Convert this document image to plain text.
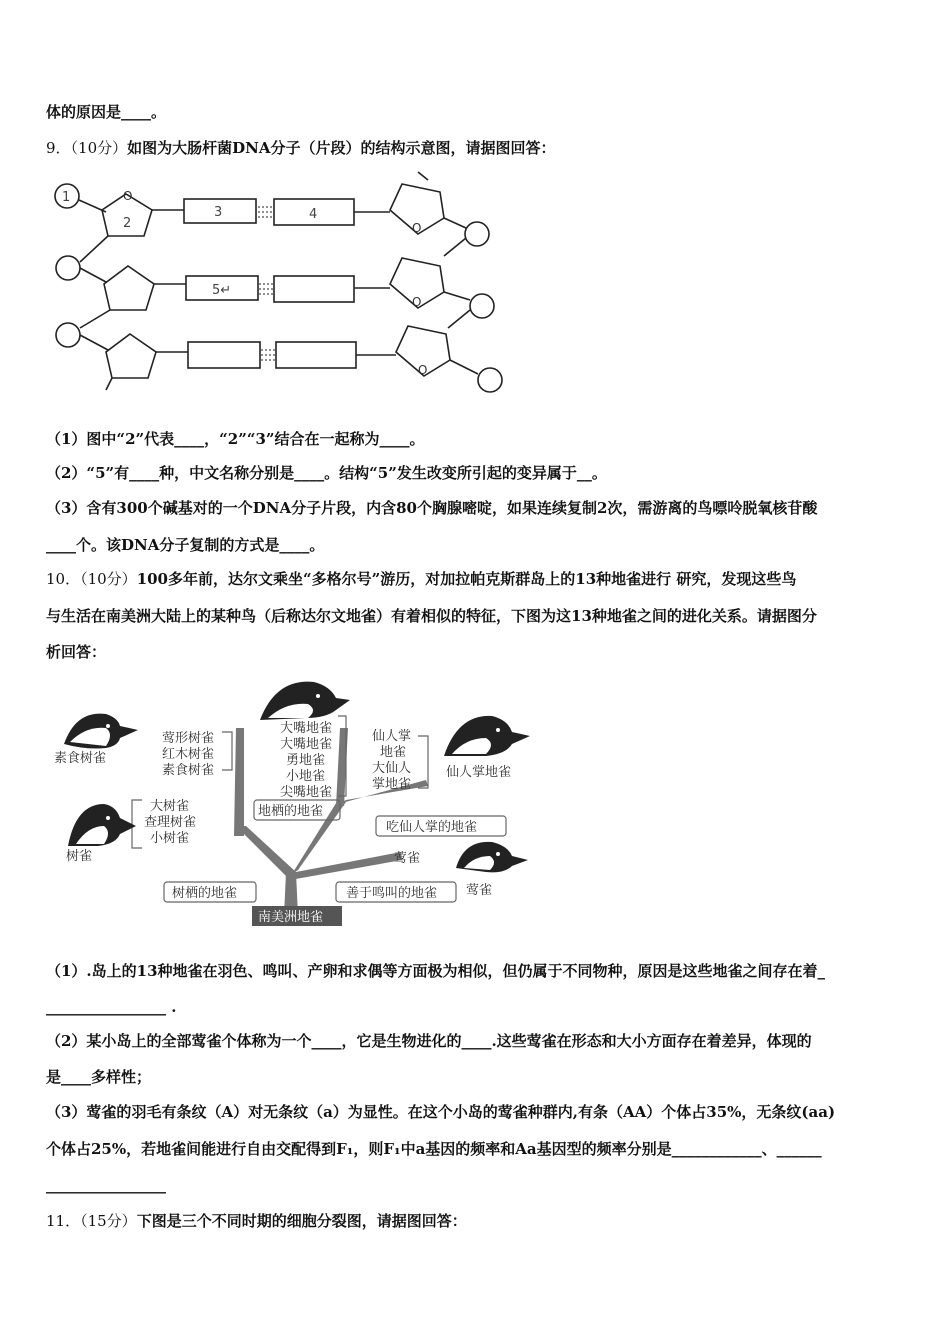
体的原因是____。
9．（10分）如图为大肠杆菌DNA分子（片段）的结构示意图，请据图回答：
1
2
O
3	4
5↵
O
O
O
（1）图中“2”代表____，“2”“3”结合在一起称为____。
（2）“5”有____种，中文名称分别是____。结构“5”发生改变所引起的变异属于__。
（3）含有300个碱基对的一个DNA分子片段，内含80个胸腺嘧啶，如果连续复制2次，需游离的鸟嘌呤脱氧核苷酸
____个。该DNA分子复制的方式是____。
10．（10分）100多年前，达尔文乘坐“多格尔号”游历，对加拉帕克斯群岛上的13种地雀进行 研究，发现这些鸟
与生活在南美洲大陆上的某种鸟（后称达尔文地雀）有着相似的特征，下图为这13种地雀之间的进化关系。请据图分
析回答：
南美洲地雀
素食树雀
树雀
仙人掌地雀
莺雀
莺形树雀
红木树雀
素食树雀
大树雀
查理树雀
小树雀
大嘴地雀
大嘴地雀
勇地雀
小地雀
尖嘴地雀
仙人掌
地雀
大仙人
掌地雀
莺雀
树栖的地雀	善于鸣叫的地雀
地栖的地雀
吃仙人掌的地雀
（1）.岛上的13种地雀在羽色、鸣叫、产卵和求偶等方面极为相似，但仍属于不同物种，原因是这些地雀之间存在着_
________________ .
（2）某小岛上的全部莺雀个体称为一个____，它是生物进化的____.这些莺雀在形态和大小方面存在着差异，体现的
是____多样性；
（3）莺雀的羽毛有条纹（A）对无条纹（a）为显性。在这个小岛的莺雀种群内,有条（AA）个体占35%，无条纹(aa)
个体占25%，若地雀间能进行自由交配得到F₁，则F₁中a基因的频率和Aa基因型的频率分别是____________、______
________________
11．（15分）下图是三个不同时期的细胞分裂图，请据图回答：
